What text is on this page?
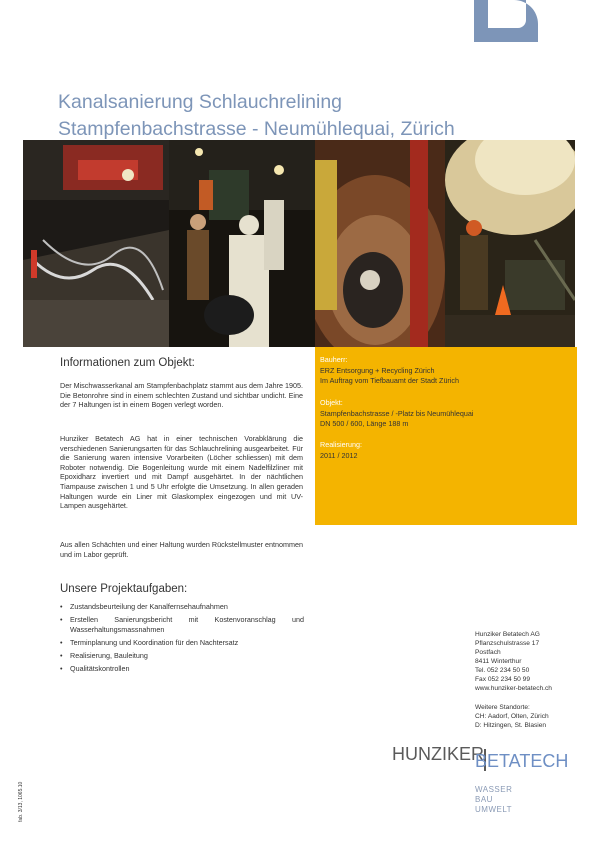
Kanalsanierung Schlauchrelining
Stampfenbachstrasse - Neumühlequai, Zürich
Informationen zum Objekt:
Der Mischwasserkanal am Stampfenbachplatz stammt aus dem Jahre 1905. Die Betonrohre sind in einem schlechten Zustand und sichtbar undicht. Eine der 7 Haltungen ist in einem Bogen verlegt worden.
Hunziker Betatech AG hat in einer technischen Vorabklärung die verschiedenen Sanierungsarten für das Schlauchrelining ausgearbeitet. Für die Sanierung waren intensive Vorarbeiten (Löcher schliessen) mit dem Roboter notwendig. Die Bogenleitung wurde mit einem Nadelfilzliner mit Epoxidharz invertiert und mit Dampf ausgehärtet. In der nächtlichen Tiampause zwischen 1 und 5 Uhr erfolgte die Umsetzung. In allen geraden Haltungen wurde ein Liner mit Glaskomplex eingezogen und mit UV-Lampen ausgehärtet.
Aus allen Schächten und einer Haltung wurden Rückstellmuster entnommen und im Labor geprüft.
Bauherr:
ERZ Entsorgung + Recycling Zürich
Im Auftrag vom Tiefbauamt der Stadt Zürich
Objekt:
Stampfenbachstrasse / -Platz bis Neumühlequai
DN 500 / 600, Länge 188 m
Realisierung:
2011 / 2012
Unsere Projektaufgaben:
• Zustandsbeurteilung der Kanalfernsehaufnahmen
• Erstellen Sanierungsbericht mit Kostenvoranschlag und Wasserhaltungsmassnahmen
• Terminplanung und Koordination für den Nachtersatz
• Realisierung, Bauleitung
• Qualitätskontrollen
Hunziker Betatech AG
Pflanzschulstrasse 17
Postfach
8411 Winterthur
Tel. 052 234 50 50
Fax 052 234 50 99
www.hunziker-betatech.ch
Weitere Standorte:
CH: Aadorf, Olten, Zürich
D: Hitzingen, St. Blasien
HUNZIKER
BETATECH
WASSER
BAU
UMWELT
fab. 3/13, 1065.10
